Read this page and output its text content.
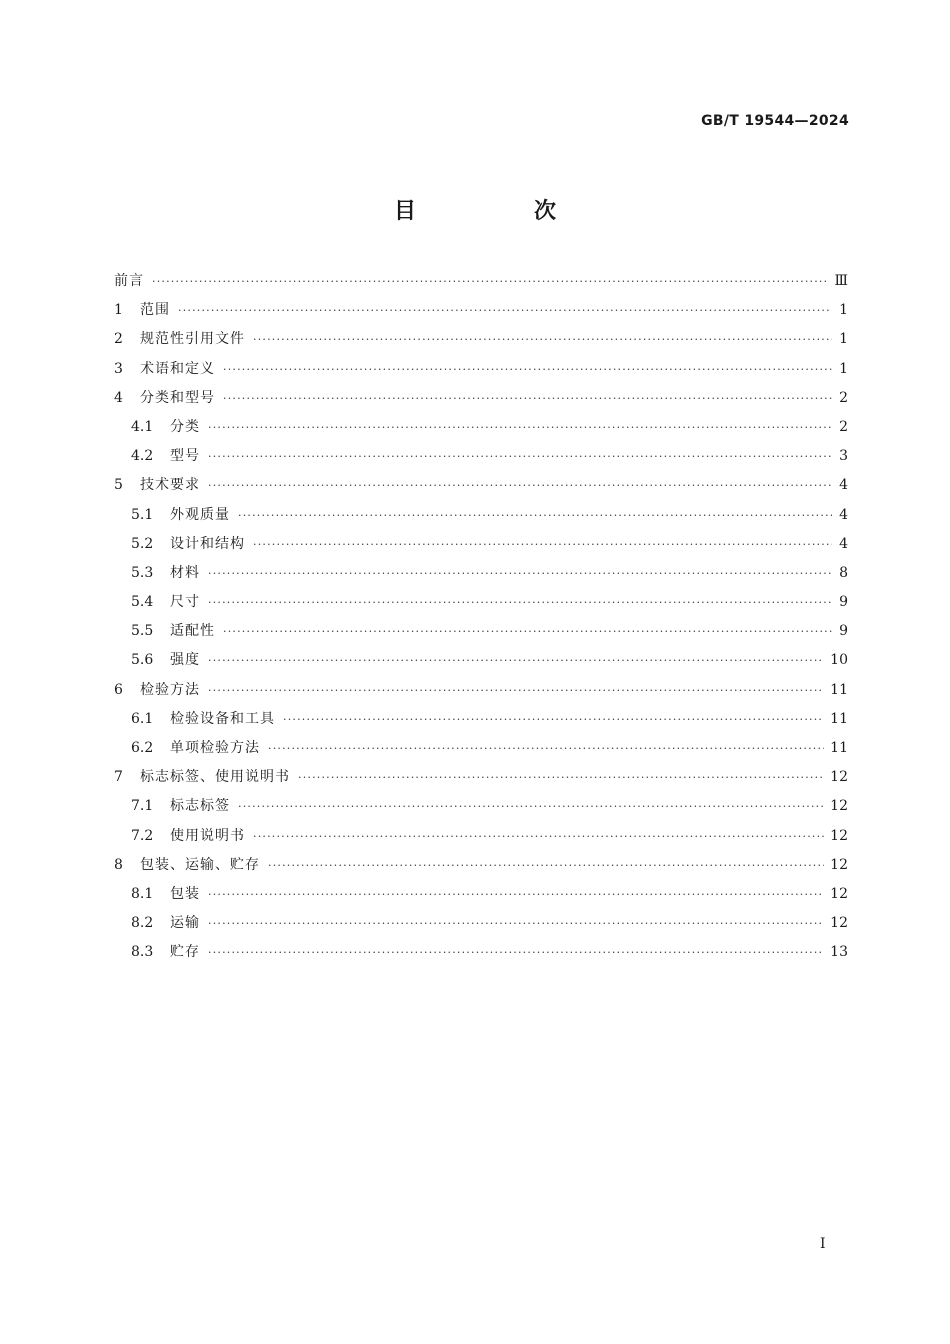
GB/T 19544—2024
目　次
前言 ·····	Ⅲ
1	范围 ·····	1
2	规范性引用文件 ·····	1
3	术语和定义 ·····	1
4	分类和型号 ·····	2
4.1	分类 ·····	2
4.2	型号 ·····	3
5	技术要求 ·····	4
5.1	外观质量 ·····	4
5.2	设计和结构 ·····	4
5.3	材料 ·····	8
5.4	尺寸 ·····	9
5.5	适配性 ·····	9
5.6	强度 ·····	10
6	检验方法 ·····	11
6.1	检验设备和工具 ·····	11
6.2	单项检验方法 ·····	11
7	标志标签、使用说明书 ·····	12
7.1	标志标签 ·····	12
7.2	使用说明书 ·····	12
8	包装、运输、贮存 ·····	12
8.1	包装 ·····	12
8.2	运输 ·····	12
8.3	贮存 ·····	13
Ⅰ
